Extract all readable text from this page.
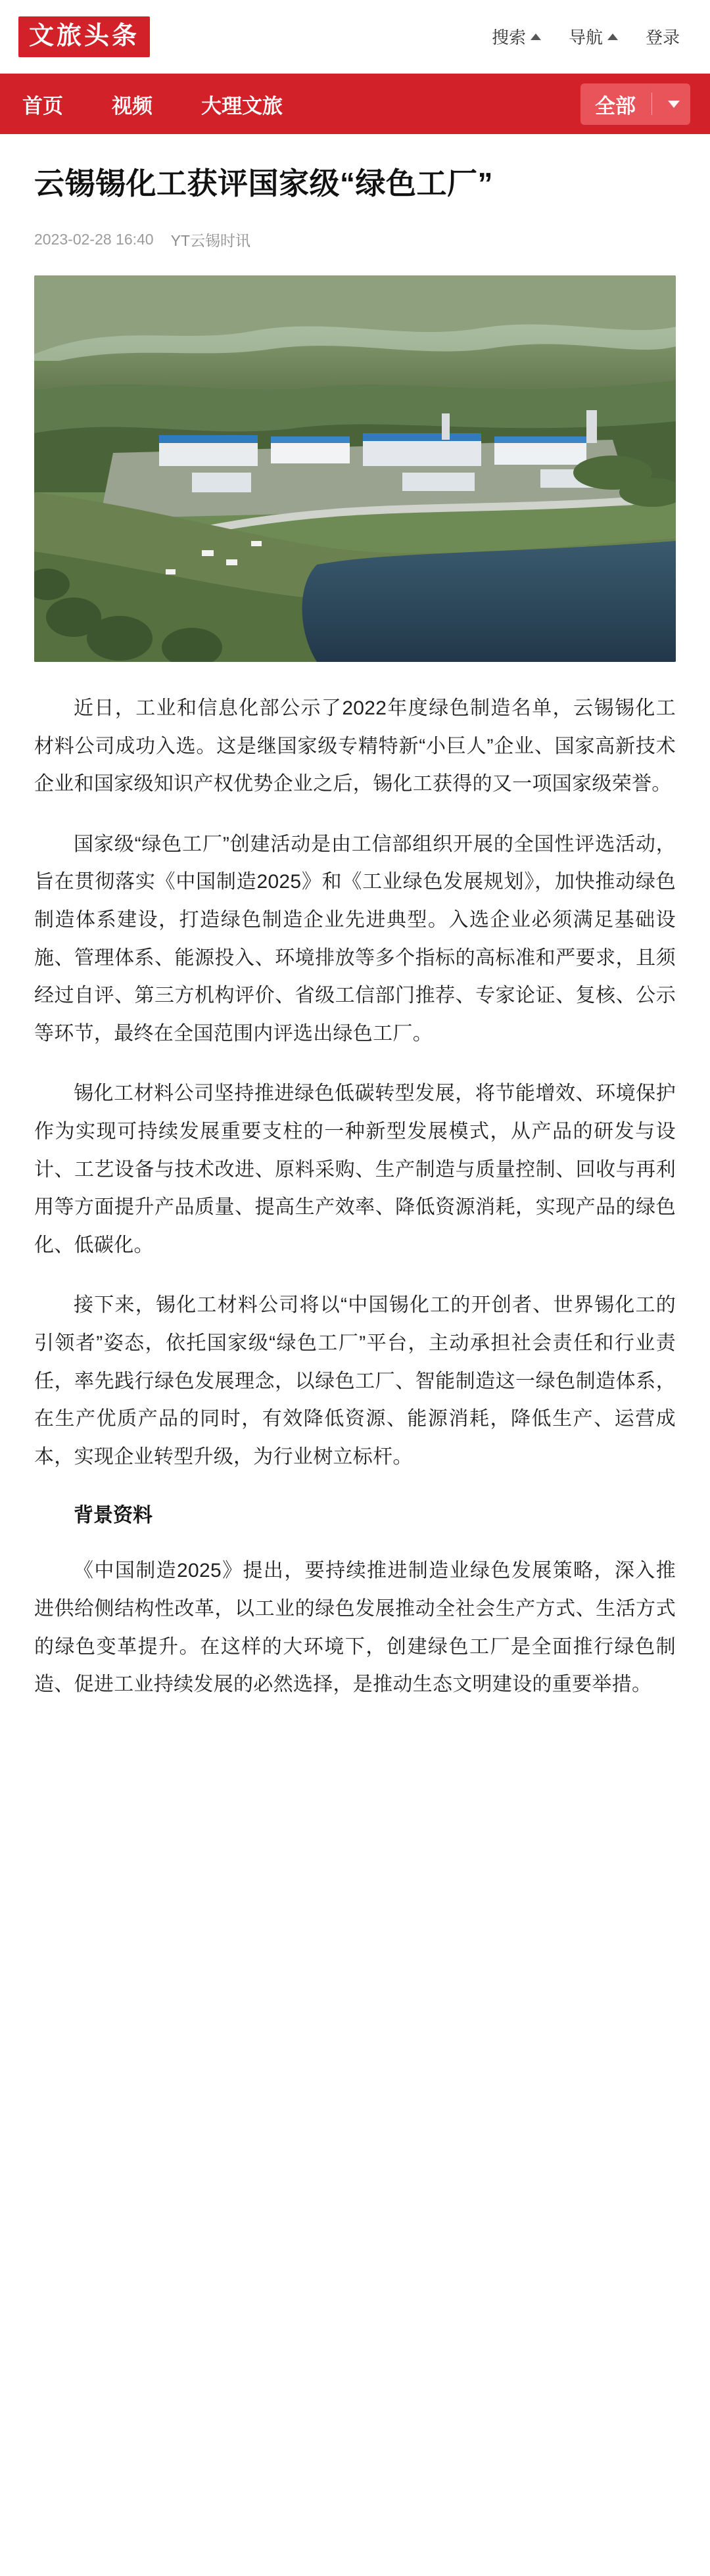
文旅头条	搜索	导航	登录
首页 视频 大理文旅	全部
云锡锡化工获评国家级“绿色工厂”
2023-02-28 16:40 YT云锡时讯

近日，工业和信息化部公示了2022年度绿色制造名单，云锡锡化工材料公司成功入选。这是继国家级专精特新“小巨人”企业、国家高新技术企业和国家级知识产权优势企业之后，锡化工获得的又一项国家级荣誉。

国家级“绿色工厂”创建活动是由工信部组织开展的全国性评选活动，旨在贯彻落实《中国制造2025》和《工业绿色发展规划》，加快推动绿色制造体系建设，打造绿色制造企业先进典型。入选企业必须满足基础设施、管理体系、能源投入、环境排放等多个指标的高标准和严要求，且须经过自评、第三方机构评价、省级工信部门推荐、专家论证、复核、公示等环节，最终在全国范围内评选出绿色工厂。

锡化工材料公司坚持推进绿色低碳转型发展，将节能增效、环境保护作为实现可持续发展重要支柱的一种新型发展模式，从产品的研发与设计、工艺设备与技术改进、原料采购、生产制造与质量控制、回收与再利用等方面提升产品质量、提高生产效率、降低资源消耗，实现产品的绿色化、低碳化。

接下来，锡化工材料公司将以“中国锡化工的开创者、世界锡化工的引领者”姿态，依托国家级“绿色工厂”平台，主动承担社会责任和行业责任，率先践行绿色发展理念，以绿色工厂、智能制造这一绿色制造体系，在生产优质产品的同时，有效降低资源、能源消耗，降低生产、运营成本，实现企业转型升级，为行业树立标杆。

背景资料

《中国制造2025》提出，要持续推进制造业绿色发展策略，深入推进供给侧结构性改革，以工业的绿色发展推动全社会生产方式、生活方式的绿色变革提升。在这样的大环境下，创建绿色工厂是全面推行绿色制造、促进工业持续发展的必然选择，是推动生态文明建设的重要举措。
